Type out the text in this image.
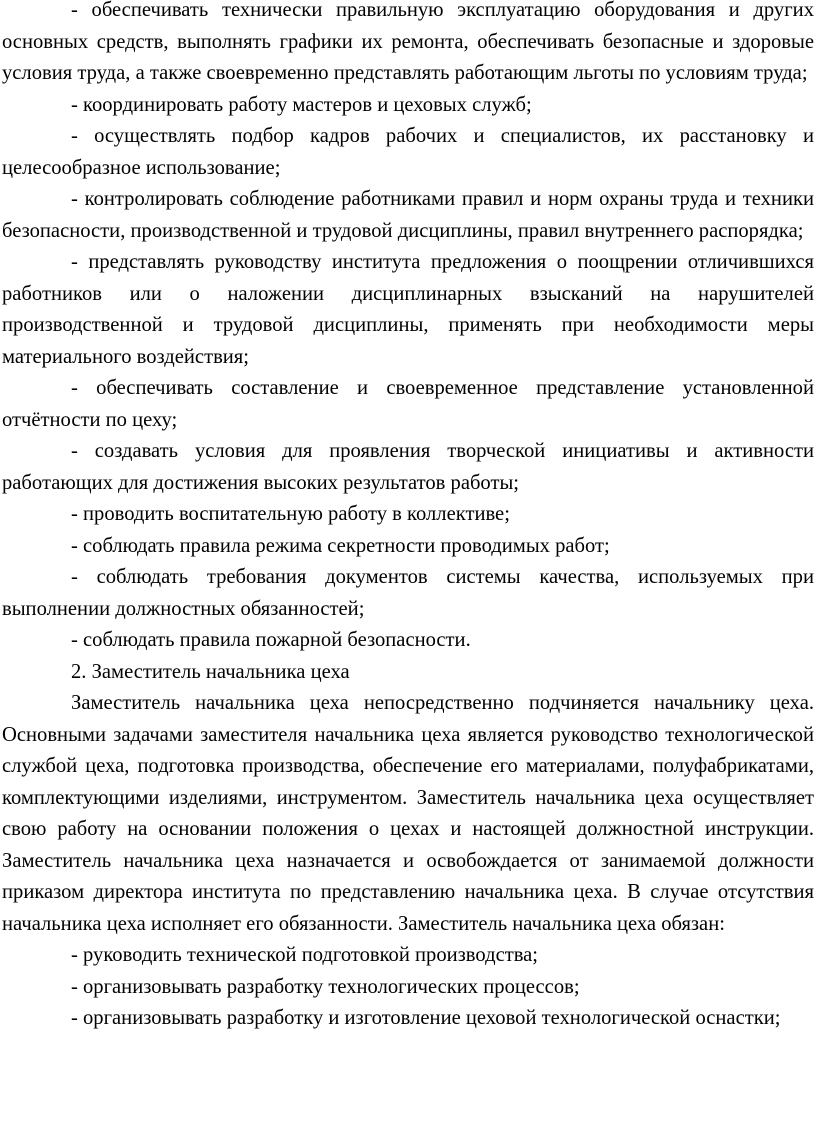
- обеспечивать технически правильную эксплуатацию оборудования и других основных средств, выполнять графики их ремонта, обеспечивать безопасные и здоровые условия труда, а также своевременно представлять работающим льготы по условиям труда;

- координировать работу мастеров и цеховых служб;

- осуществлять подбор кадров рабочих и специалистов, их расстановку и целесообразное использование;

- контролировать соблюдение работниками правил и норм охраны труда и техники безопасности, производственной и трудовой дисциплины, правил внутреннего распорядка;

- представлять руководству института предложения о поощрении отличившихся работников или о наложении дисциплинарных взысканий на нарушителей производственной и трудовой дисциплины, применять при необходимости меры материального воздействия;

- обеспечивать составление и своевременное представление установленной отчётности по цеху;

- создавать условия для проявления творческой инициативы и активности работающих для достижения высоких результатов работы;

- проводить воспитательную работу в коллективе;

- соблюдать правила режима секретности проводимых работ;

- соблюдать требования документов системы качества, используемых при выполнении должностных обязанностей;

- соблюдать правила пожарной безопасности.

2. Заместитель начальника цеха

Заместитель начальника цеха непосредственно подчиняется начальнику цеха. Основными задачами заместителя начальника цеха является руководство технологической службой цеха, подготовка производства, обеспечение его материалами, полуфабрикатами, комплектующими изделиями, инструментом. Заместитель начальника цеха осуществляет свою работу на основании положения о цехах и настоящей должностной инструкции. Заместитель начальника цеха назначается и освобождается от занимаемой должности приказом директора института по представлению начальника цеха. В случае отсутствия начальника цеха исполняет его обязанности. Заместитель начальника цеха обязан:

- руководить технической подготовкой производства;

- организовывать разработку технологических процессов;

- организовывать разработку и изготовление цеховой технологической оснастки;
